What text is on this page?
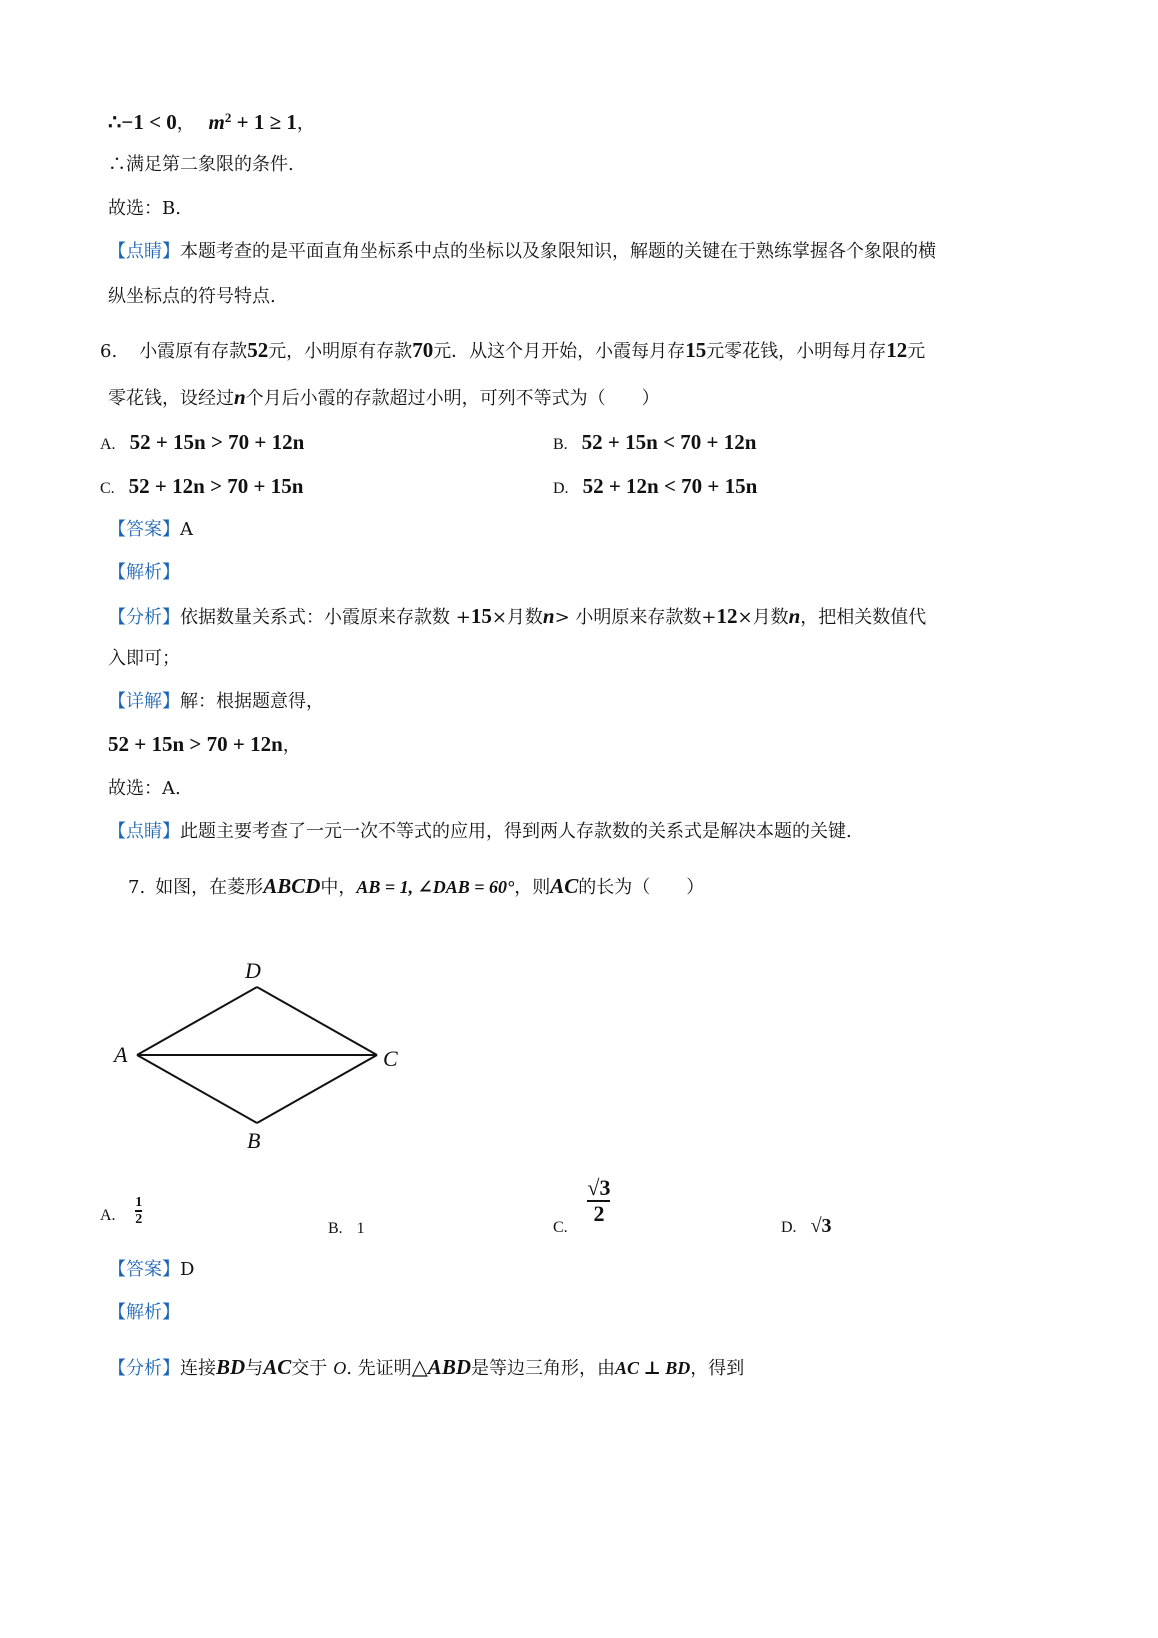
∴−1 < 0， $m^2 + 1 \ge 1$，
∴满足第二象限的条件.
故选：B.
【点睛】本题考查的是平面直角坐标系中点的坐标以及象限知识，解题的关键在于熟练掌握各个象限的横
纵坐标点的符号特点.
6. 小霞原有存款52元，小明原有存款70元．从这个月开始，小霞每月存15元零花钱，小明每月存12元
零花钱，设经过n个月后小霞的存款超过小明，可列不等式为（　　）
A. 52 + 15n > 70 + 12n	B. 52 + 15n < 70 + 12n
C. 52 + 12n > 70 + 15n	D. 52 + 12n < 70 + 15n
【答案】A
【解析】
【分析】依据数量关系式：小霞原来存款数 +15×月数n> 小明原来存款数+12×月数n，把相关数值代
入即可；
【详解】解：根据题意得，
52 + 15n > 70 + 12n，
故选：A.
【点睛】此题主要考查了一元一次不等式的应用，得到两人存款数的关系式是解决本题的关键.
7. 如图，在菱形ABCD中，AB = 1, ∠DAB = 60°，则AC的长为（　　）
D
A	C
B
A. $\frac{1}{2}$
B. 1	C.
$\frac{√3}{2}$
D. √3
【答案】D
【解析】
【分析】连接BD与AC交于 O. 先证明△ABD是等边三角形，由AC ⊥ BD，得到
